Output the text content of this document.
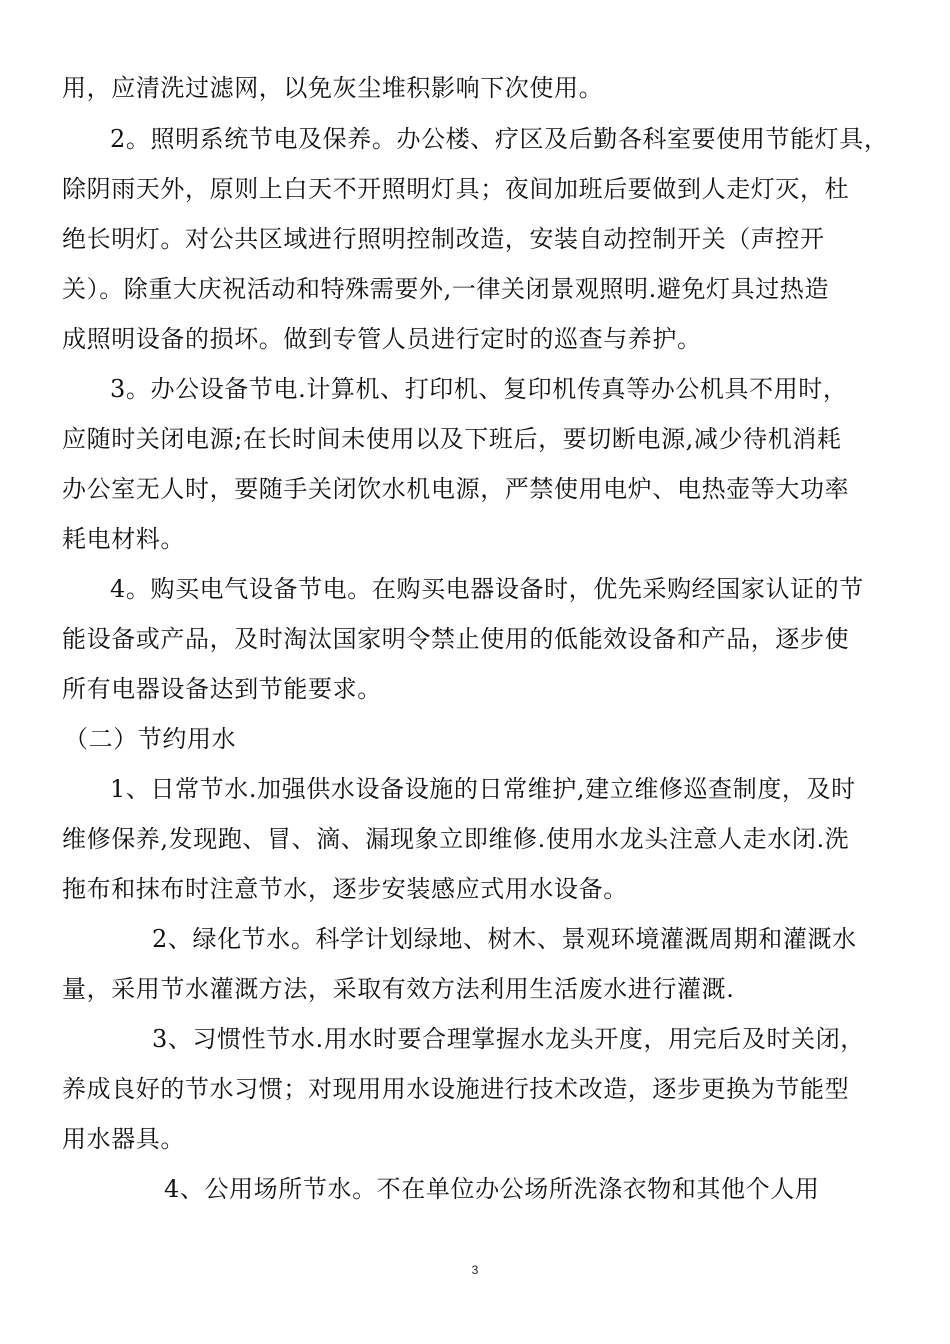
用，应清洗过滤网，以免灰尘堆积影响下次使用。
2。照明系统节电及保养。办公楼、疗区及后勤各科室要使用节能灯具，
除阴雨天外，原则上白天不开照明灯具；夜间加班后要做到人走灯灭，杜
绝长明灯。对公共区域进行照明控制改造，安装自动控制开关（声控开
关）。除重大庆祝活动和特殊需要外,一律关闭景观照明.避免灯具过热造
成照明设备的损坏。做到专管人员进行定时的巡查与养护。
3。办公设备节电.计算机、打印机、复印机传真等办公机具不用时，
应随时关闭电源;在长时间未使用以及下班后，要切断电源,减少待机消耗
办公室无人时，要随手关闭饮水机电源，严禁使用电炉、电热壶等大功率
耗电材料。
4。购买电气设备节电。在购买电器设备时，优先采购经国家认证的节
能设备或产品，及时淘汰国家明令禁止使用的低能效设备和产品，逐步使
所有电器设备达到节能要求。
（二）节约用水
1、日常节水.加强供水设备设施的日常维护,建立维修巡查制度，及时
维修保养,发现跑、冒、滴、漏现象立即维修.使用水龙头注意人走水闭.洗
拖布和抹布时注意节水，逐步安装感应式用水设备。
2、绿化节水。科学计划绿地、树木、景观环境灌溉周期和灌溉水
量，采用节水灌溉方法，采取有效方法利用生活废水进行灌溉.
3、习惯性节水.用水时要合理掌握水龙头开度，用完后及时关闭，
养成良好的节水习惯；对现用用水设施进行技术改造，逐步更换为节能型
用水器具。
4、公用场所节水。不在单位办公场所洗涤衣物和其他个人用
3
